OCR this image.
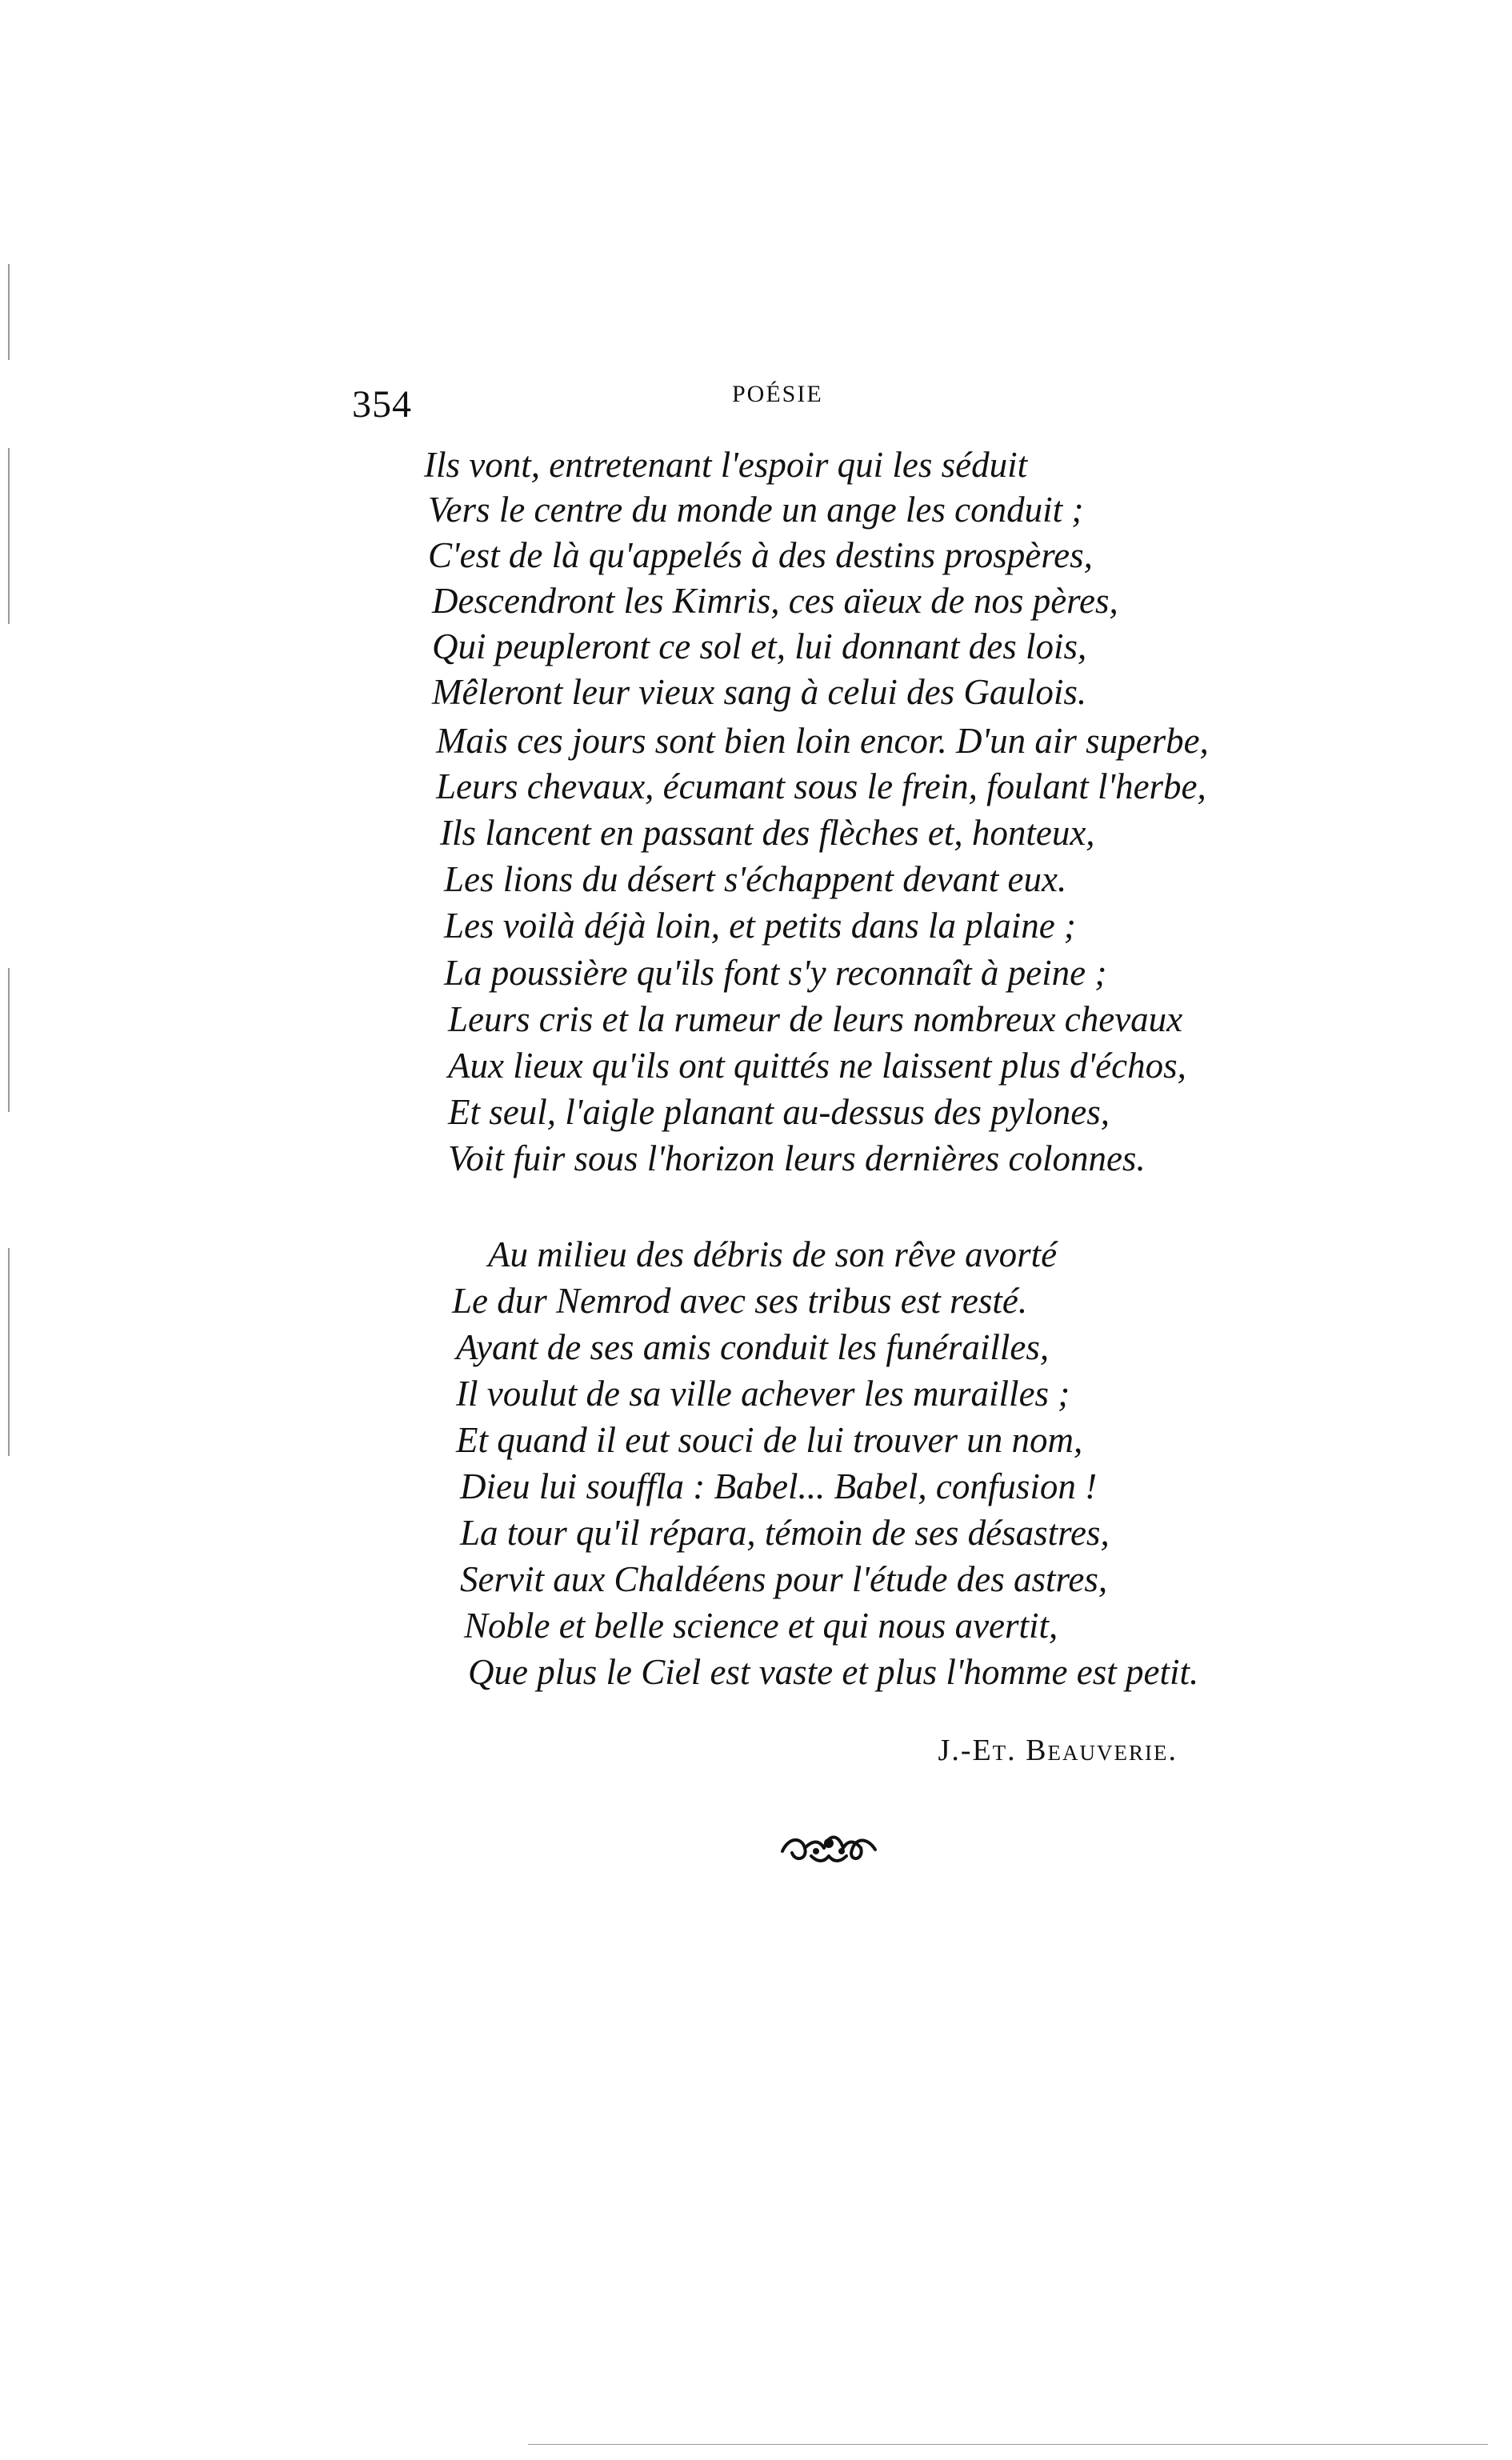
354	POÉSIE
Ils vont, entretenant l'espoir qui les séduit
Vers le centre du monde un ange les conduit ;
C'est de là qu'appelés à des destins prospères,
Descendront les Kimris, ces aïeux de nos pères,
Qui peupleront ce sol et, lui donnant des lois,
Mêleront leur vieux sang à celui des Gaulois.
Mais ces jours sont bien loin encor. D'un air superbe,
Leurs chevaux, écumant sous le frein, foulant l'herbe,
Ils lancent en passant des flèches et, honteux,
Les lions du désert s'échappent devant eux.
Les voilà déjà loin, et petits dans la plaine ;
La poussière qu'ils font s'y reconnaît à peine ;
Leurs cris et la rumeur de leurs nombreux chevaux
Aux lieux qu'ils ont quittés ne laissent plus d'échos,
Et seul, l'aigle planant au-dessus des pylones,
Voit fuir sous l'horizon leurs dernières colonnes.
Au milieu des débris de son rêve avorté
Le dur Nemrod avec ses tribus est resté.
Ayant de ses amis conduit les funérailles,
Il voulut de sa ville achever les murailles ;
Et quand il eut souci de lui trouver un nom,
Dieu lui souffla : Babel... Babel, confusion !
La tour qu'il répara, témoin de ses désastres,
Servit aux Chaldéens pour l'étude des astres,
Noble et belle science et qui nous avertit,
Que plus le Ciel est vaste et plus l'homme est petit.
J.-Et. Beauverie.
